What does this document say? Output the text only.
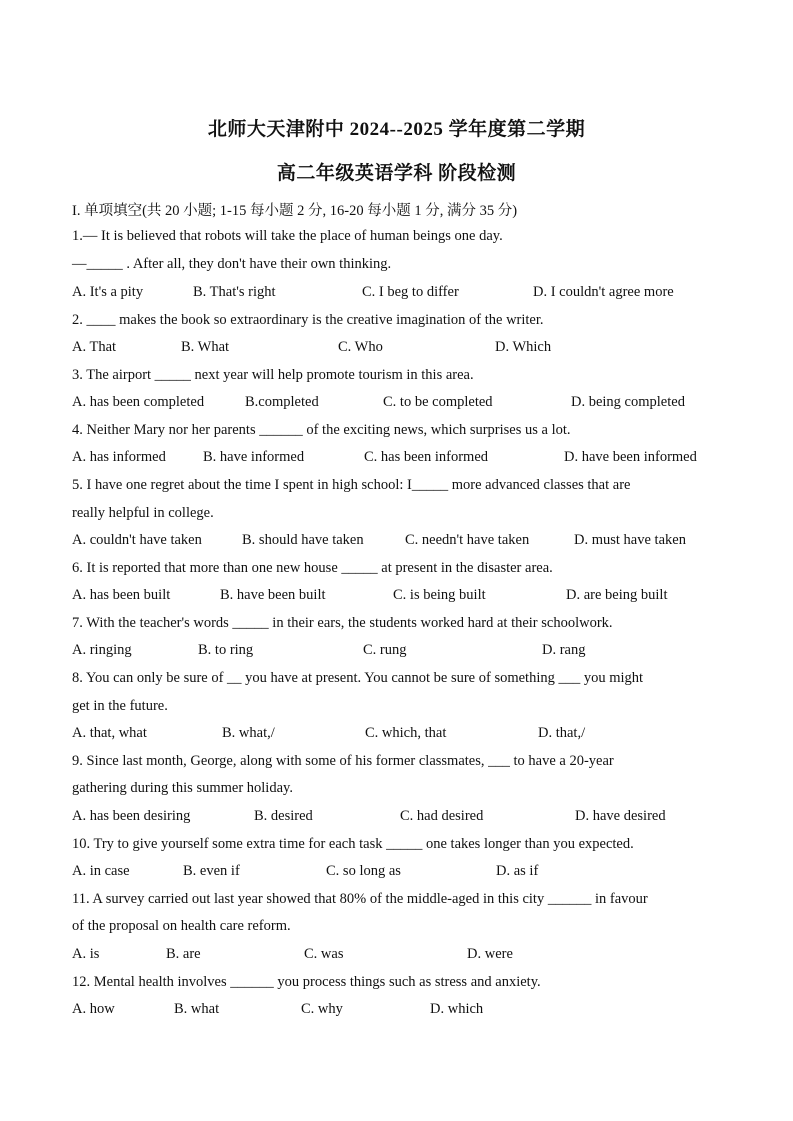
北师大天津附中 2024--2025 学年度第二学期
高二年级英语学科 阶段检测
I. 单项填空(共 20 小题; 1-15 每小题 2 分, 16-20 每小题 1 分, 满分 35 分)
1.— It is believed that robots will take the place of human beings one day.
—_____ . After all, they don't have their own thinking.
A. It's a pity	B. That's right	C. I beg to differ	D. I couldn't agree more
2. ____ makes the book so extraordinary is the creative imagination of the writer.
A. That	B. What	C. Who	D. Which
3. The airport _____ next year will help promote tourism in this area.
A. has been completed	B.completed	C. to be completed	D. being completed
4. Neither Mary nor her parents ______ of the exciting news, which surprises us a lot.
A. has informed	B. have informed	C. has been informed	D. have been informed
5. I have one regret about the time I spent in high school: I_____ more advanced classes that are
really helpful in college.
A. couldn't have taken	B. should have taken	C. needn't have taken	D. must have taken
6. It is reported that more than one new house _____ at present in the disaster area.
A. has been built	B. have been built	C. is being built	D. are being built
7. With the teacher's words _____ in their ears, the students worked hard at their schoolwork.
A. ringing	B. to ring	C. rung	D. rang
8. You can only be sure of __ you have at present. You cannot be sure of something ___ you might
get in the future.
A. that, what	B. what,/	C. which, that	D. that,/
9. Since last month, George, along with some of his former classmates, ___ to have a 20-year
gathering during this summer holiday.
A. has been desiring	B. desired	C. had desired	D. have desired
10. Try to give yourself some extra time for each task _____ one takes longer than you expected.
A. in case	B. even if	C. so long as	D. as if
11. A survey carried out last year showed that 80% of the middle-aged in this city ______ in favour
of the proposal on health care reform.
A. is	B. are	C. was	D. were
12. Mental health involves ______ you process things such as stress and anxiety.
A. how	B. what	C. why	D. which
